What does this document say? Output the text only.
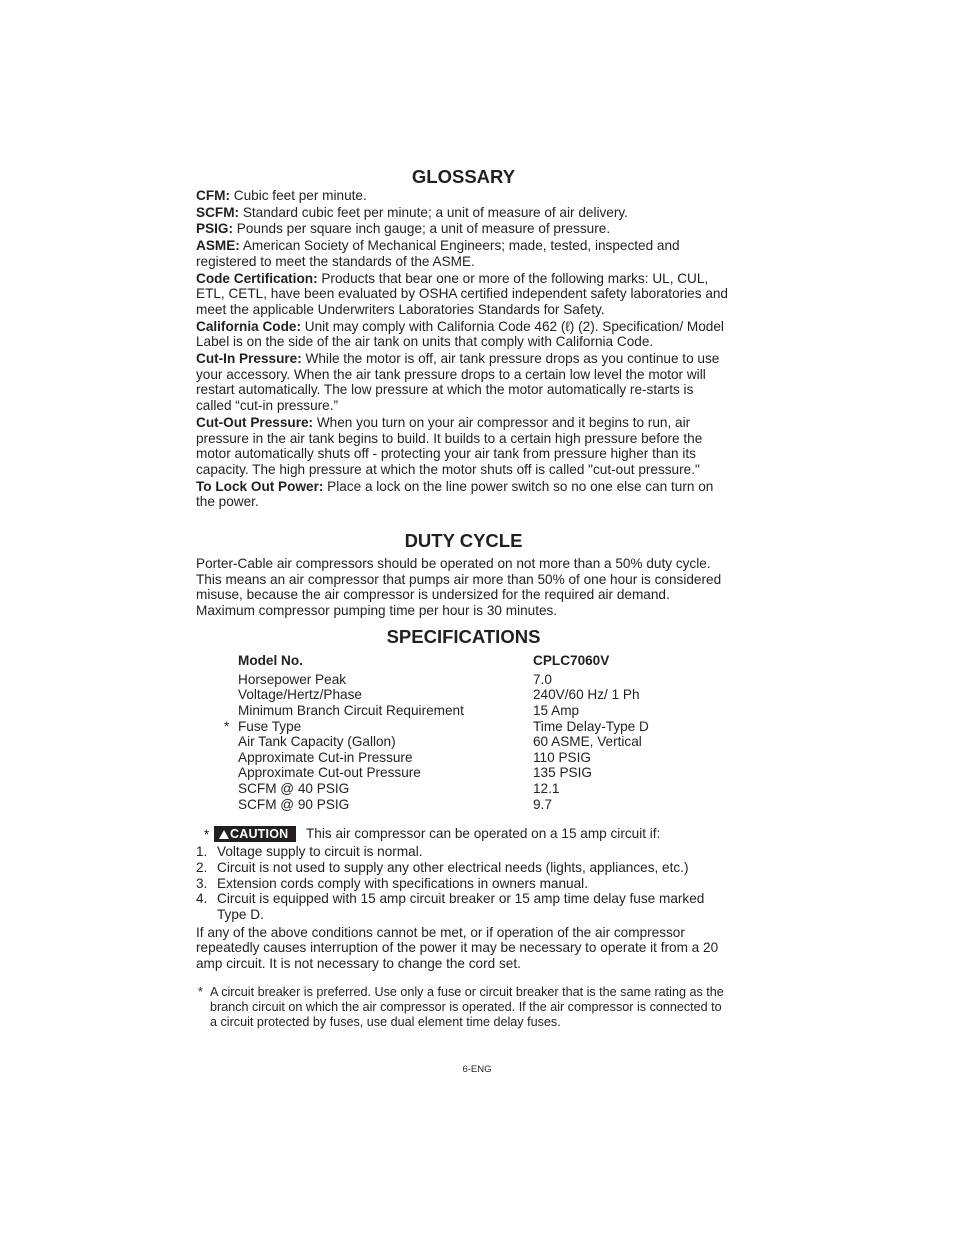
GLOSSARY
CFM: Cubic feet per minute.
SCFM: Standard cubic feet per minute; a unit of measure of air delivery.
PSIG: Pounds per square inch gauge; a unit of measure of pressure.
ASME: American Society of Mechanical Engineers; made, tested, inspected and registered to meet the standards of the ASME.
Code Certification: Products that bear one or more of the following marks: UL, CUL, ETL, CETL, have been evaluated by OSHA certified independent safety laboratories and meet the applicable Underwriters Laboratories Standards for Safety.
California Code: Unit may comply with California Code 462 (ℓ) (2). Specification/ Model Label is on the side of the air tank on units that comply with California Code.
Cut-In Pressure: While the motor is off, air tank pressure drops as you continue to use your accessory. When the air tank pressure drops to a certain low level the motor will restart automatically. The low pressure at which the motor automatically re-starts is called “cut-in pressure.”
Cut-Out Pressure: When you turn on your air compressor and it begins to run, air pressure in the air tank begins to build. It builds to a certain high pressure before the motor automatically shuts off - protecting your air tank from pressure higher than its capacity. The high pressure at which the motor shuts off is called "cut-out pressure."
To Lock Out Power: Place a lock on the line power switch so no one else can turn on the power.
DUTY CYCLE
Porter-Cable air compressors should be operated on not more than a 50% duty cycle. This means an air compressor that pumps air more than 50% of one hour is considered misuse, because the air compressor is undersized for the required air demand. Maximum compressor pumping time per hour is 30 minutes.
SPECIFICATIONS
Model No.	CPLC7060V
Horsepower Peak	7.0
Voltage/Hertz/Phase	240V/60 Hz/ 1 Ph
Minimum Branch Circuit Requirement	15 Amp
* Fuse Type	Time Delay-Type D
Air Tank Capacity (Gallon)	60 ASME, Vertical
Approximate Cut-in Pressure	110 PSIG
Approximate Cut-out Pressure	135 PSIG
SCFM @ 40 PSIG	12.1
SCFM @ 90 PSIG	9.7
*	CAUTION	This air compressor can be operated on a 15 amp circuit if:
1. Voltage supply to circuit is normal.
2. Circuit is not used to supply any other electrical needs (lights, appliances, etc.)
3. Extension cords comply with specifications in owners manual.
4. Circuit is equipped with 15 amp circuit breaker or 15 amp time delay fuse marked Type D.
If any of the above conditions cannot be met, or if operation of the air compressor repeatedly causes interruption of the power it may be necessary to operate it from a 20 amp circuit. It is not necessary to change the cord set.
* A circuit breaker is preferred. Use only a fuse or circuit breaker that is the same rating as the branch circuit on which the air compressor is operated. If the air compressor is connected to a circuit protected by fuses, use dual element time delay fuses.
6-ENG
